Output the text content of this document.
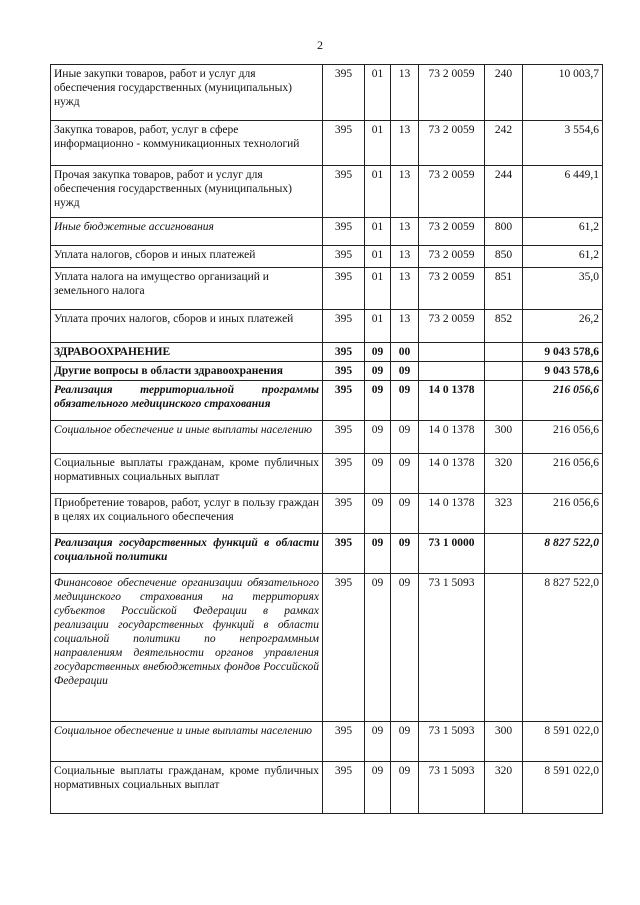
2
Иные закупки товаров, работ и услуг для обеспечения государственных (муниципальных) нужд	395	01	13	73 2 0059	240	10 003,7
Закупка товаров, работ, услуг в сфере информационно - коммуникационных технологий	395	01	13	73 2 0059	242	3 554,6
Прочая закупка товаров, работ и услуг для обеспечения государственных (муниципальных) нужд	395	01	13	73 2 0059	244	6 449,1
Иные бюджетные ассигнования	395	01	13	73 2 0059	800	61,2
Уплата налогов, сборов и иных платежей	395	01	13	73 2 0059	850	61,2
Уплата налога на имущество организаций и земельного налога	395	01	13	73 2 0059	851	35,0
Уплата прочих налогов, сборов и иных платежей	395	01	13	73 2 0059	852	26,2
ЗДРАВООХРАНЕНИЕ	395	09	00			9 043 578,6
Другие вопросы в области здравоохранения	395	09	09			9 043 578,6
Реализация территориальной программы обязательного медицинского страхования	395	09	09	14 0 1378		216 056,6
Социальное обеспечение и иные выплаты населению	395	09	09	14 0 1378	300	216 056,6
Социальные выплаты гражданам, кроме публичных нормативных социальных выплат	395	09	09	14 0 1378	320	216 056,6
Приобретение товаров, работ, услуг в пользу граждан в целях их социального обеспечения	395	09	09	14 0 1378	323	216 056,6
Реализация государственных функций в области социальной политики	395	09	09	73 1 0000		8 827 522,0
Финансовое обеспечение организации обязательного медицинского страхования на территориях субъектов Российской Федерации в рамках реализации государственных функций в области социальной политики по непрограммным направлениям деятельности органов управления государственных внебюджетных фондов Российской Федерации	395	09	09	73 1 5093		8 827 522,0
Социальное обеспечение и иные выплаты населению	395	09	09	73 1 5093	300	8 591 022,0
Социальные выплаты гражданам, кроме публичных нормативных социальных выплат	395	09	09	73 1 5093	320	8 591 022,0
